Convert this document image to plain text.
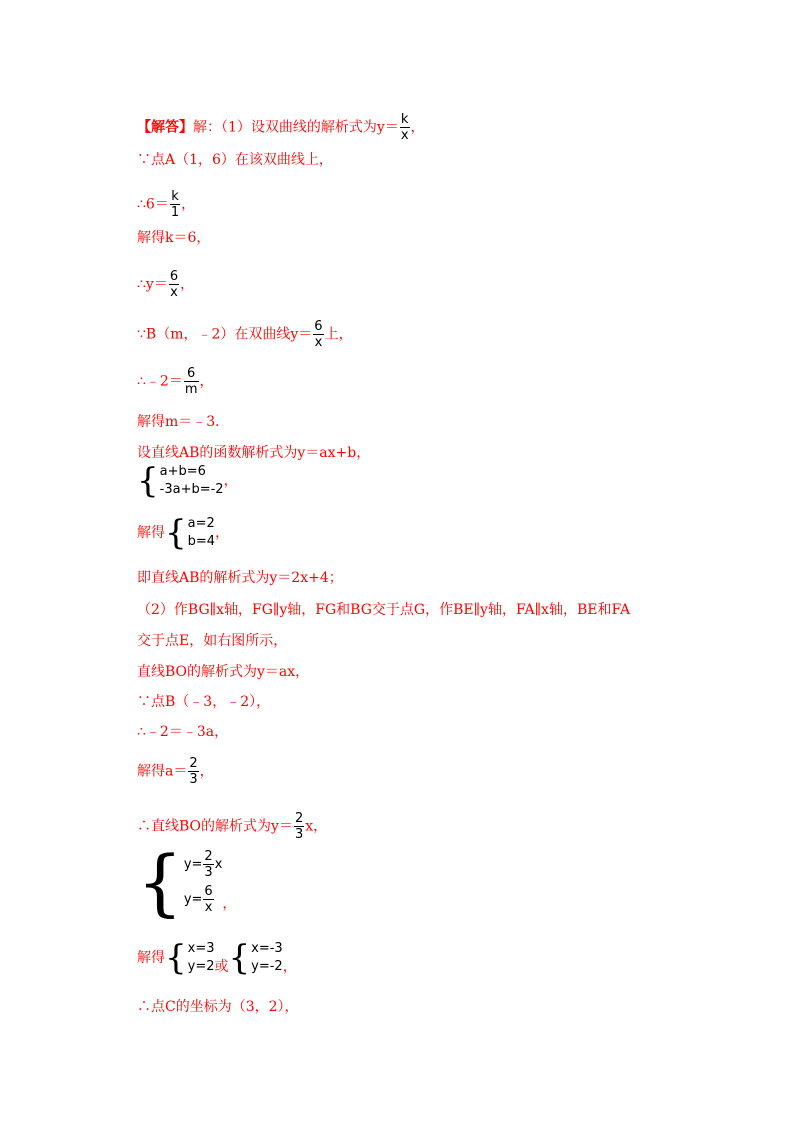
【解答】解：（1）设双曲线的解析式为$y= \frac{k}{x}$ ，
∵点A（1，6）在该双曲线上，
∴6＝ $\frac{k}{1}$ ，
解得k＝6，
∴y＝ $\frac{6}{x}$ ，
∵B（m，﹣2）在双曲线$y= \frac{6}{x}$ 上，
∴﹣2＝ $\frac{6}{m}$ ，
解得m＝﹣3．
设直线AB的函数解析式为y＝ax+b，
{ a+b=6
-3a+b=-2
，
解得 { a=2
b=4
，
即直线AB的解析式为y＝2x+4；
（2）作BG∥x轴，FG∥y轴，FG和BG交于点G，作BE∥y轴，FA∥x轴，BE和FA
交于点E，如右图所示，
直线BO的解析式为y＝ax，
∵点B（﹣3，﹣2），
∴﹣2＝﹣3a，
解得$a= \frac{2}{3}$ ，
∴直线BO的解析式为$y= \frac{2}{3}$ x，
{ $y= \frac{2}{3}$ x
$y= \frac{6}{x}$ ，
解得 { x=3
y=2 或 { x=-3
y=-2 ，
∴点C的坐标为（3，2），
